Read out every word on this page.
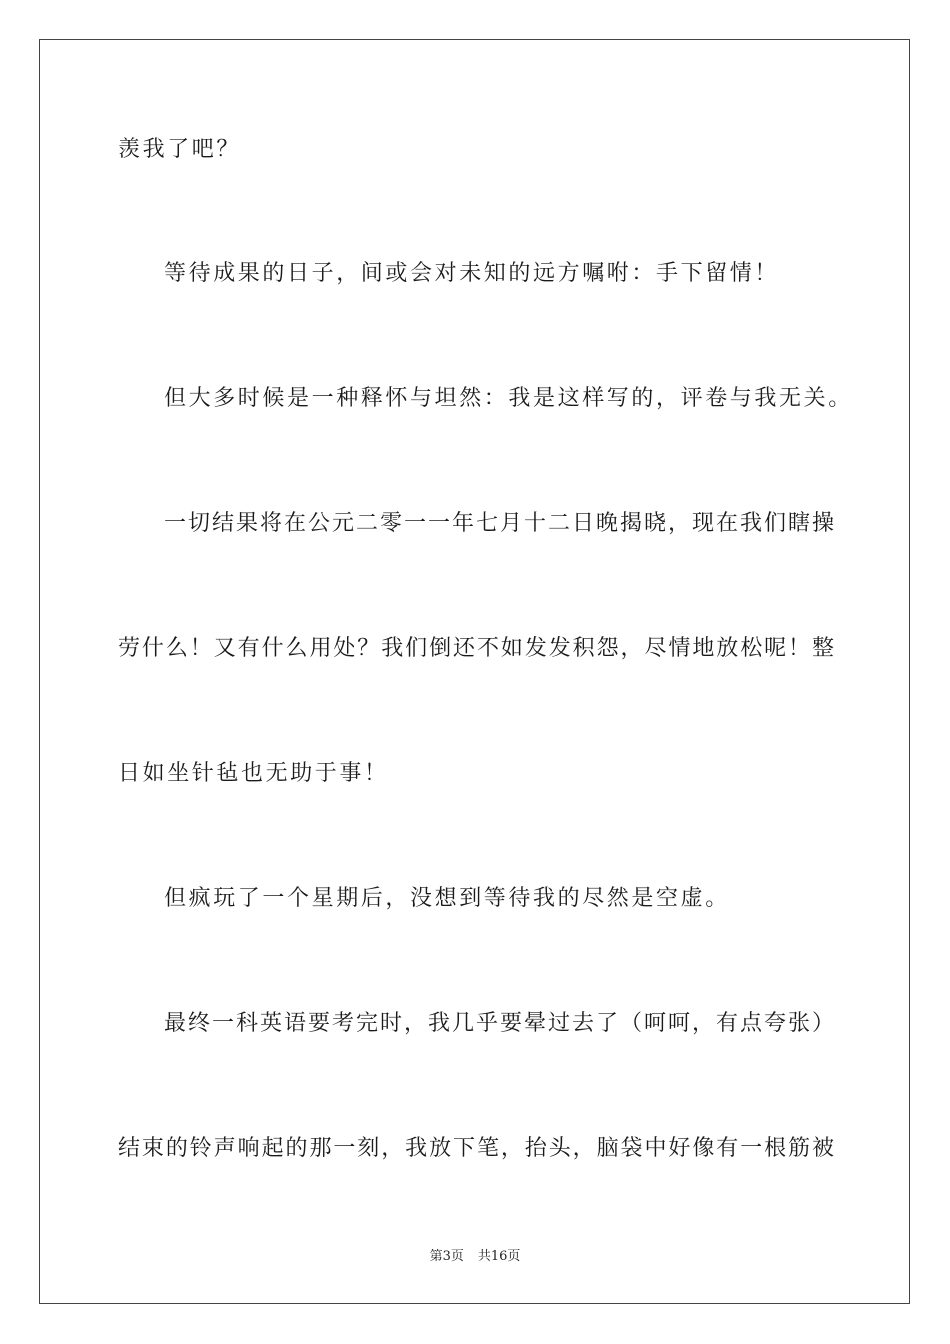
羡我了吧？

等待成果的日子，间或会对未知的远方嘱咐：手下留情！

但大多时候是一种释怀与坦然：我是这样写的，评卷与我无关。

一切结果将在公元二零一一年七月十二日晚揭晓，现在我们瞎操

劳什么！又有什么用处？我们倒还不如发发积怨，尽情地放松呢！整

日如坐针毡也无助于事！

但疯玩了一个星期后，没想到等待我的尽然是空虚。

最终一科英语要考完时，我几乎要晕过去了（呵呵，有点夸张）

结束的铃声响起的那一刻，我放下笔，抬头，脑袋中好像有一根筋被

第3页 共16页
